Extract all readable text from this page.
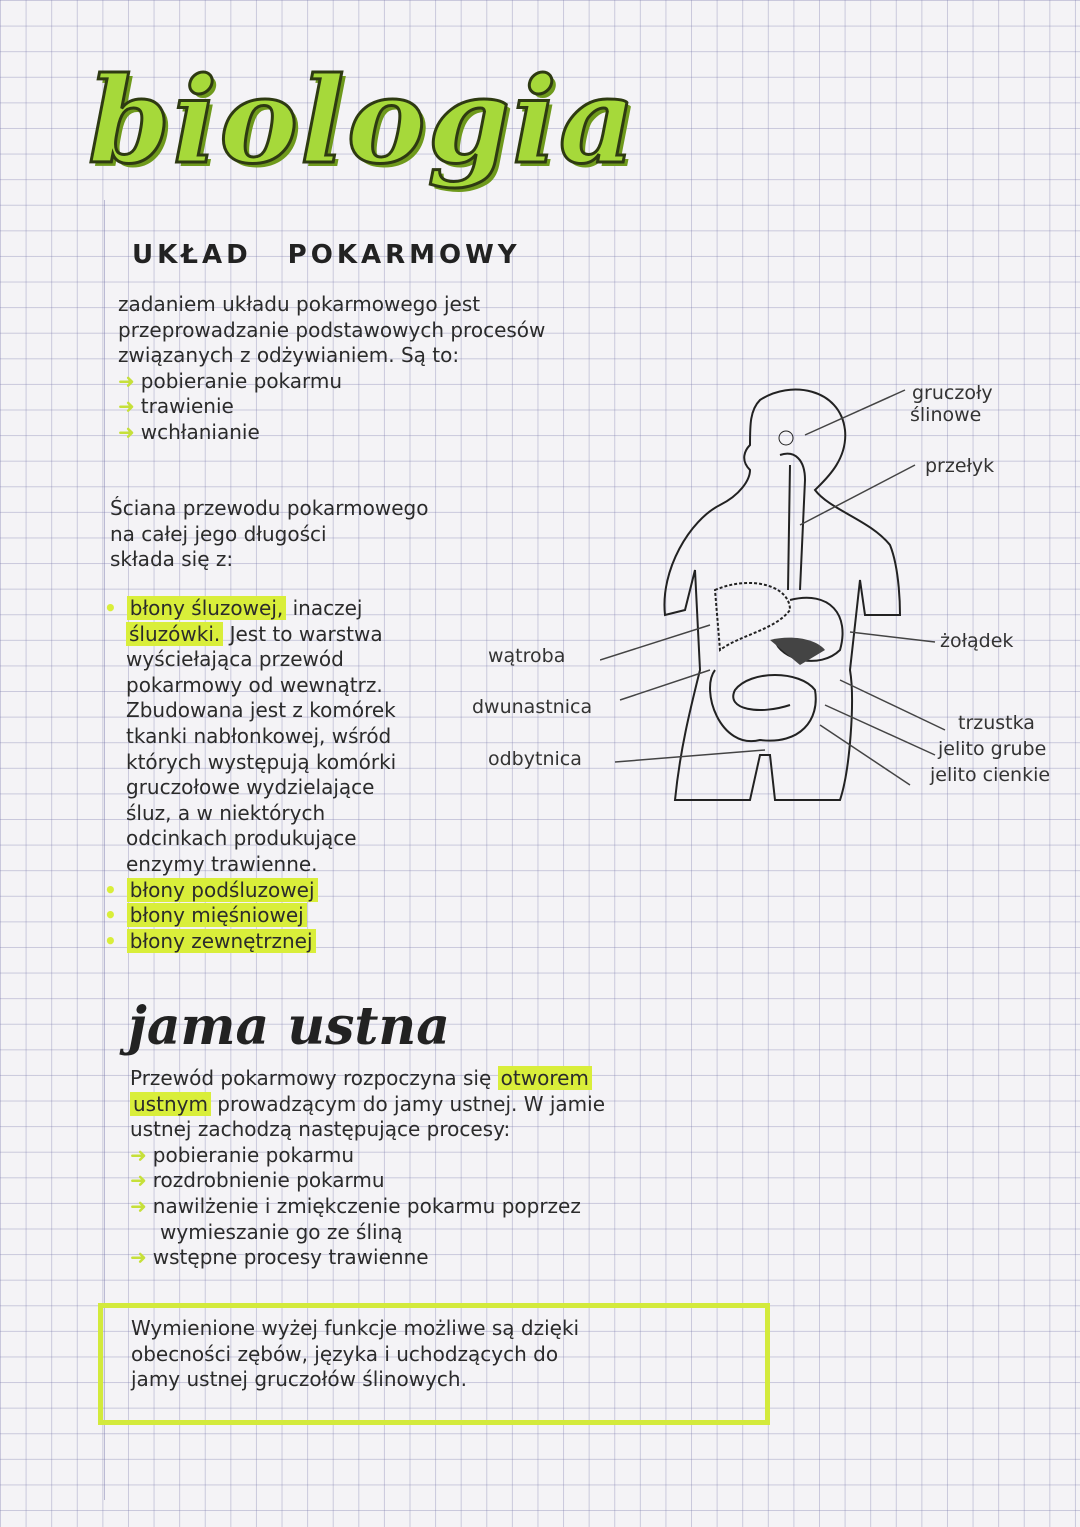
biologia
UKŁAD POKARMOWY
zadaniem układu pokarmowego jest
przeprowadzanie podstawowych procesów
związanych z odżywianiem. Są to:
➜ pobieranie pokarmu
➜ trawienie
➜ wchłanianie
Ściana przewodu pokarmowego
na całej jego długości
składa się z:
• błony śluzowej, inaczej
śluzówki. Jest to warstwa
wyściełająca przewód
pokarmowy od wewnątrz.
Zbudowana jest z komórek
tkanki nabłonkowej, wśród
których występują komórki
gruczołowe wydzielające
śluz, a w niektórych
odcinkach produkujące
enzymy trawienne.
• błony podśluzowej
• błony mięśniowej
• błony zewnętrznej
gruczoły
ślinowe
przełyk
żołądek
trzustka
jelito grube
jelito cienkie
wątroba
dwunastnica
odbytnica
jama ustna
Przewód pokarmowy rozpoczyna się otworem
ustnym prowadzącym do jamy ustnej. W jamie
ustnej zachodzą następujące procesy:
➜ pobieranie pokarmu
➜ rozdrobnienie pokarmu
➜ nawilżenie i zmiękczenie pokarmu poprzez
wymieszanie go ze śliną
➜ wstępne procesy trawienne
Wymienione wyżej funkcje możliwe są dzięki
obecności zębów, języka i uchodzących do
jamy ustnej gruczołów ślinowych.
